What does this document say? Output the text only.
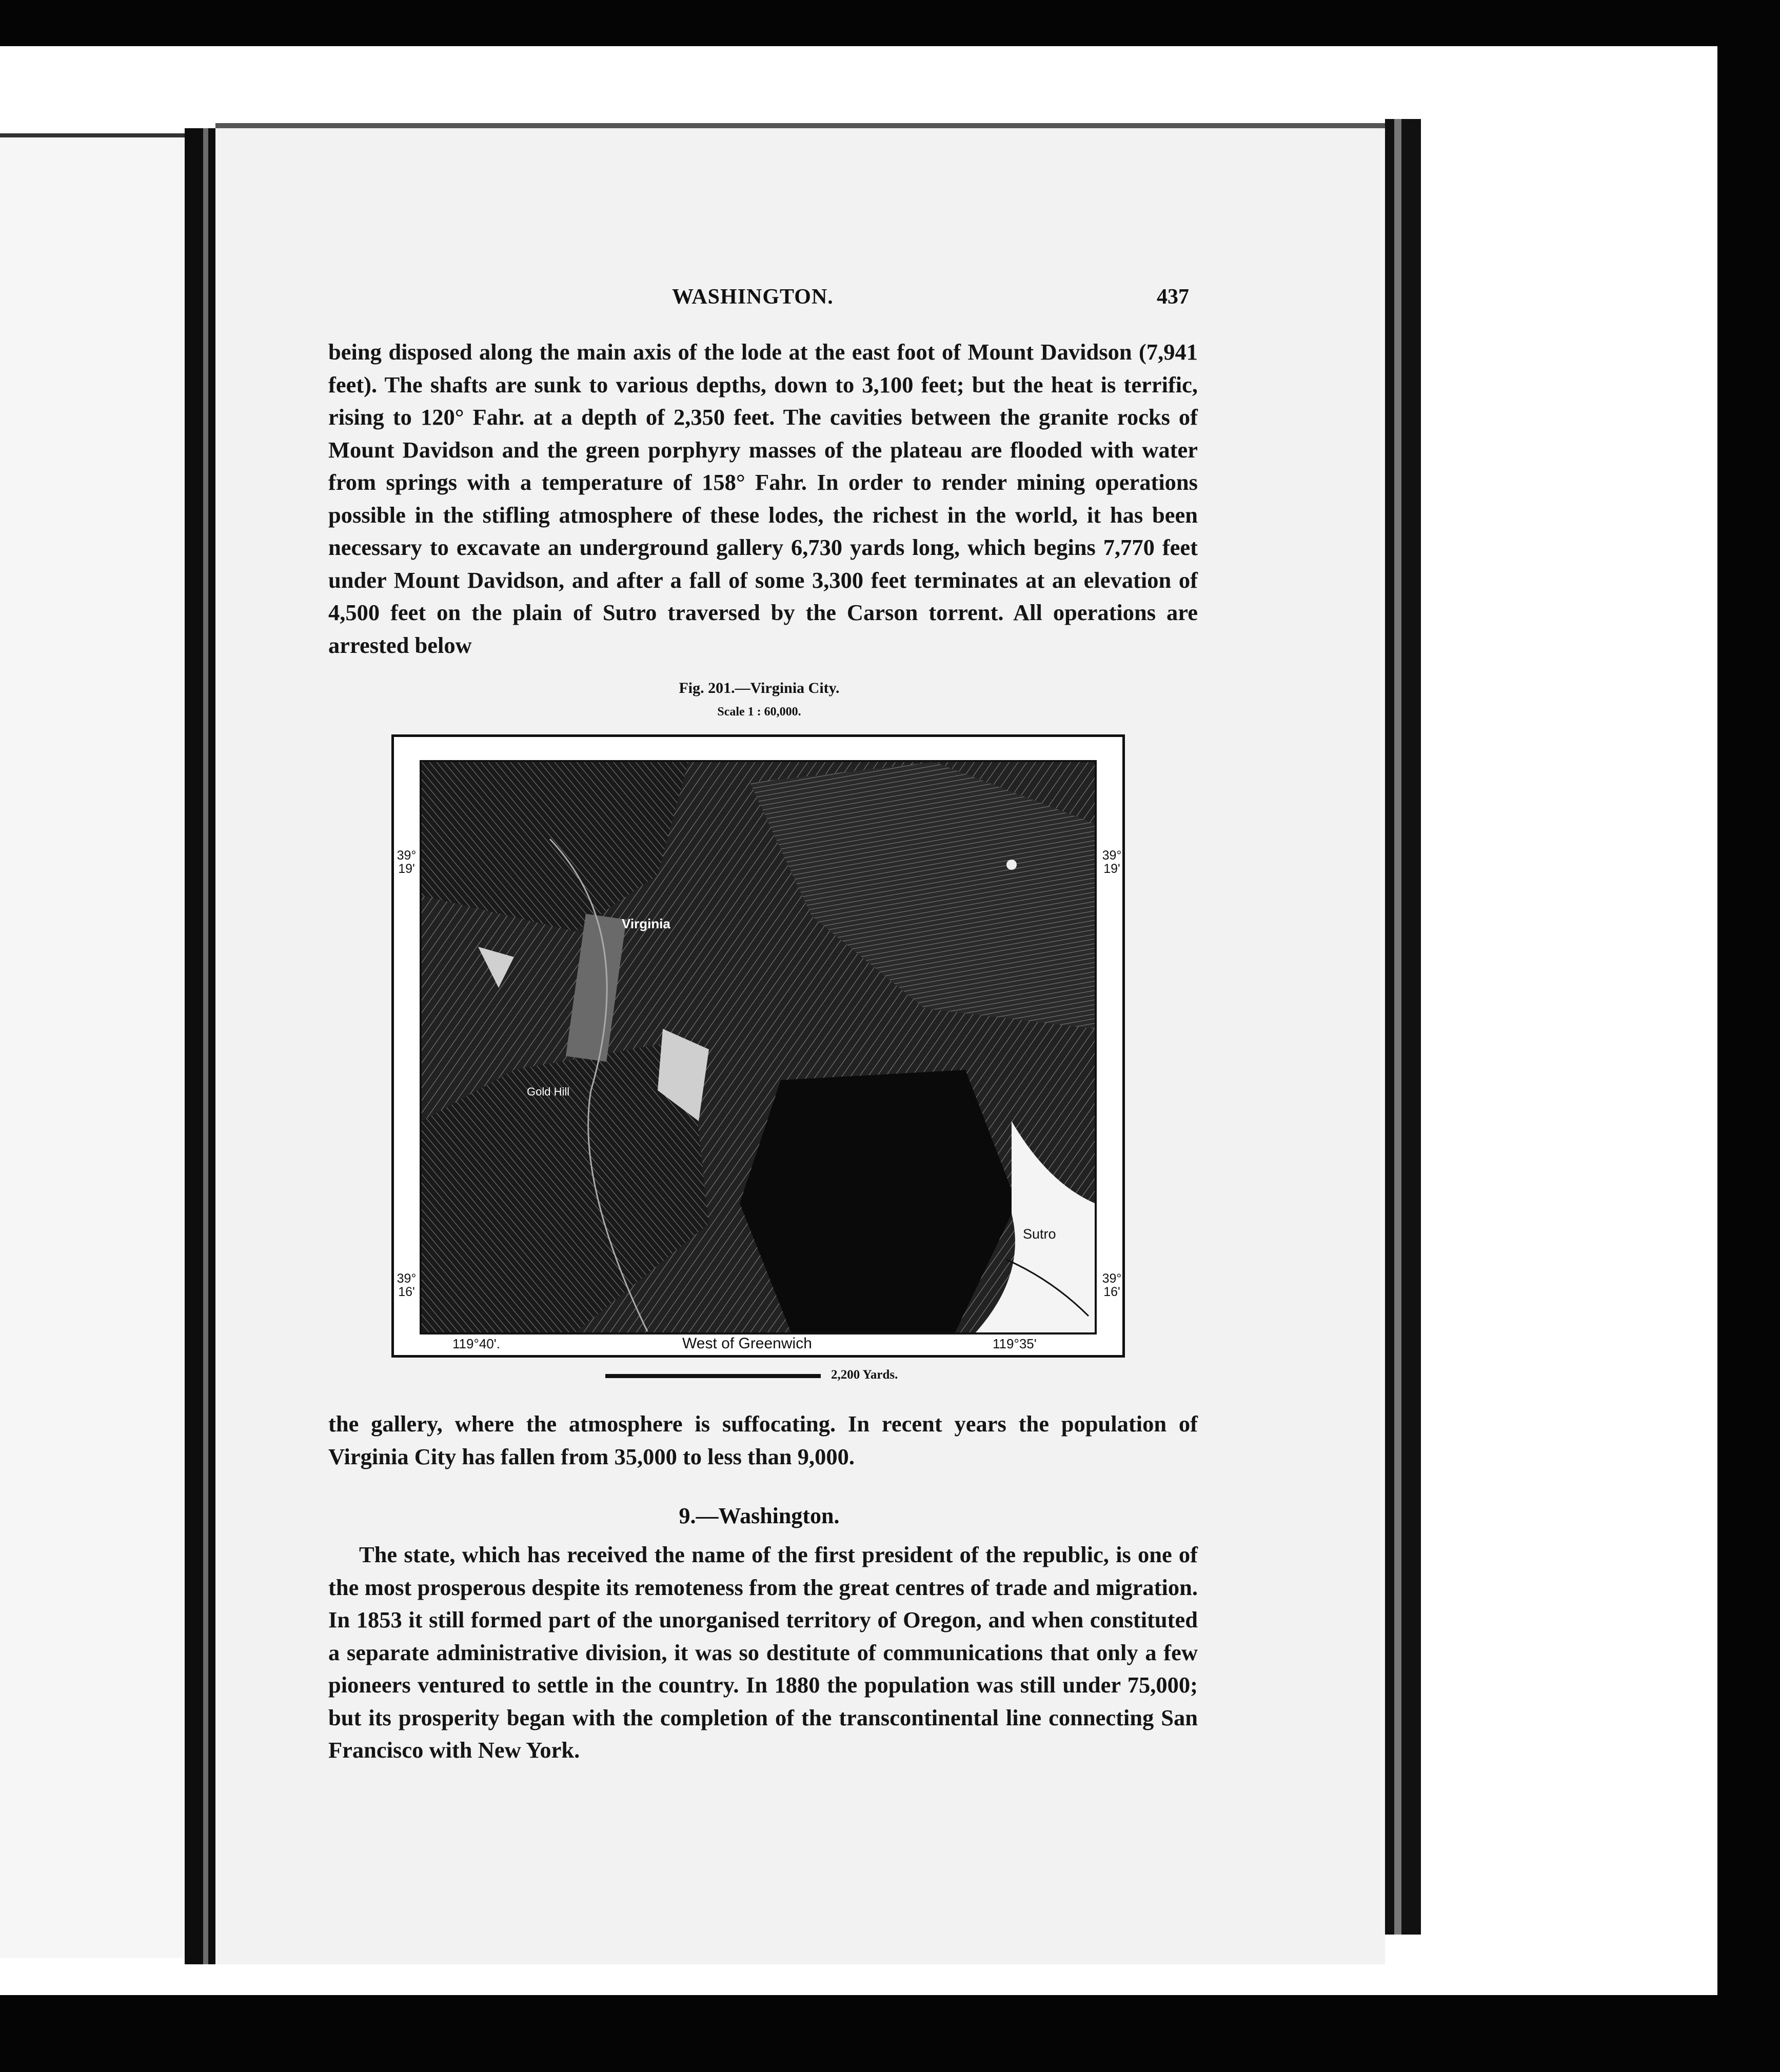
WASHINGTON.	437

being disposed along the main axis of the lode at the east foot of Mount Davidson (7,941 feet). The shafts are sunk to various depths, down to 3,100 feet; but the heat is terrific, rising to 120° Fahr. at a depth of 2,350 feet. The cavities between the granite rocks of Mount Davidson and the green porphyry masses of the plateau are flooded with water from springs with a temperature of 158° Fahr. In order to render mining operations possible in the stifling atmosphere of these lodes, the richest in the world, it has been necessary to excavate an underground gallery 6,730 yards long, which begins 7,770 feet under Mount Davidson, and after a fall of some 3,300 feet terminates at an elevation of 4,500 feet on the plain of Sutro traversed by the Carson torrent. All operations are arrested below

Fig. 201.—Virginia City.
Scale 1 : 60,000.
Virginia
Gold Hill
Sutro
39° 19'
39° 19'
39° 16'
39° 16'
119°40'.	West of Greenwich	119°35'
2,200 Yards.

the gallery, where the atmosphere is suffocating. In recent years the population of Virginia City has fallen from 35,000 to less than 9,000.

9.—Washington.

The state, which has received the name of the first president of the republic, is one of the most prosperous despite its remoteness from the great centres of trade and migration. In 1853 it still formed part of the unorganised territory of Oregon, and when constituted a separate administrative division, it was so destitute of communications that only a few pioneers ventured to settle in the country. In 1880 the population was still under 75,000; but its prosperity began with the completion of the transcontinental line connecting San Francisco with New York.
